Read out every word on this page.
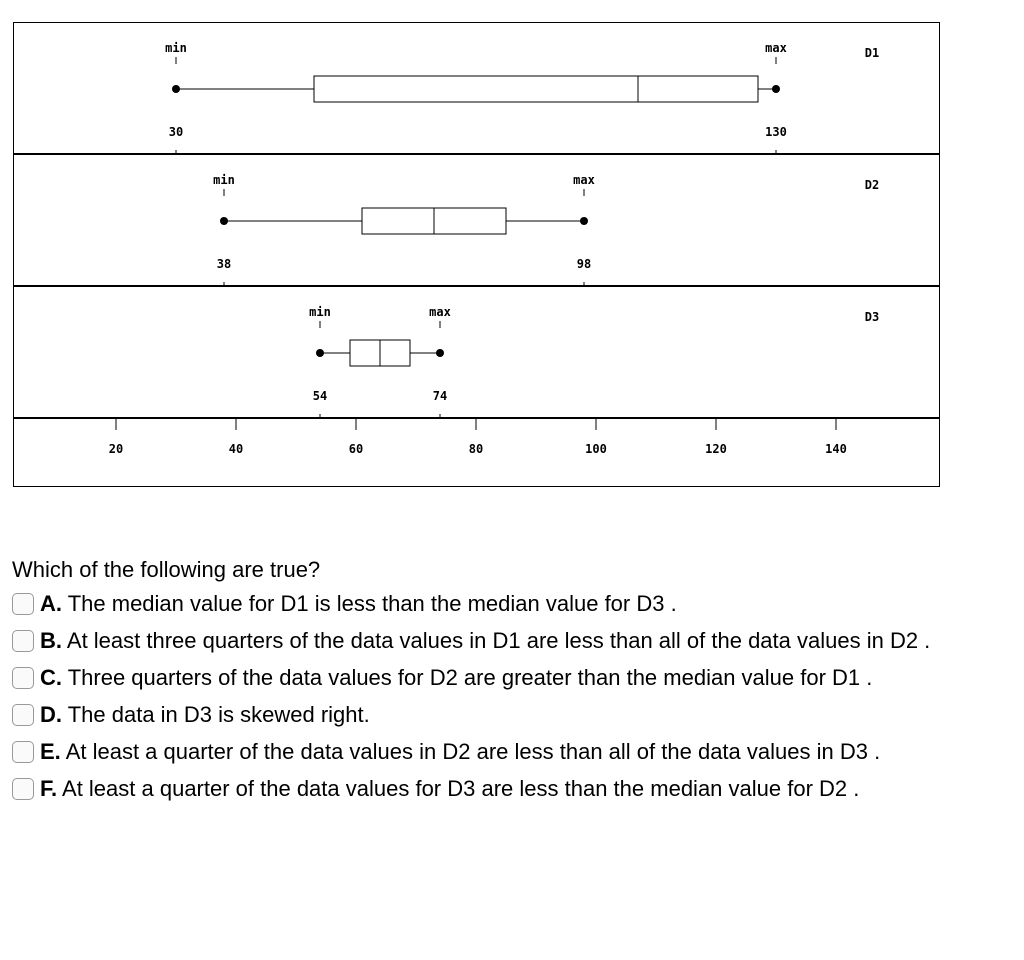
min	max
30	130
D1
min	max
38	98
D2
min	max
54	74
D3
20	40	60	80	100	120	140
Which of the following are true?
A. The median value for D1 is less than the median value for D3 .
B. At least three quarters of the data values in D1 are less than all of the data values in D2 .
C. Three quarters of the data values for D2 are greater than the median value for D1 .
D. The data in D3 is skewed right.
E. At least a quarter of the data values in D2 are less than all of the data values in D3 .
F. At least a quarter of the data values for D3 are less than the median value for D2 .
